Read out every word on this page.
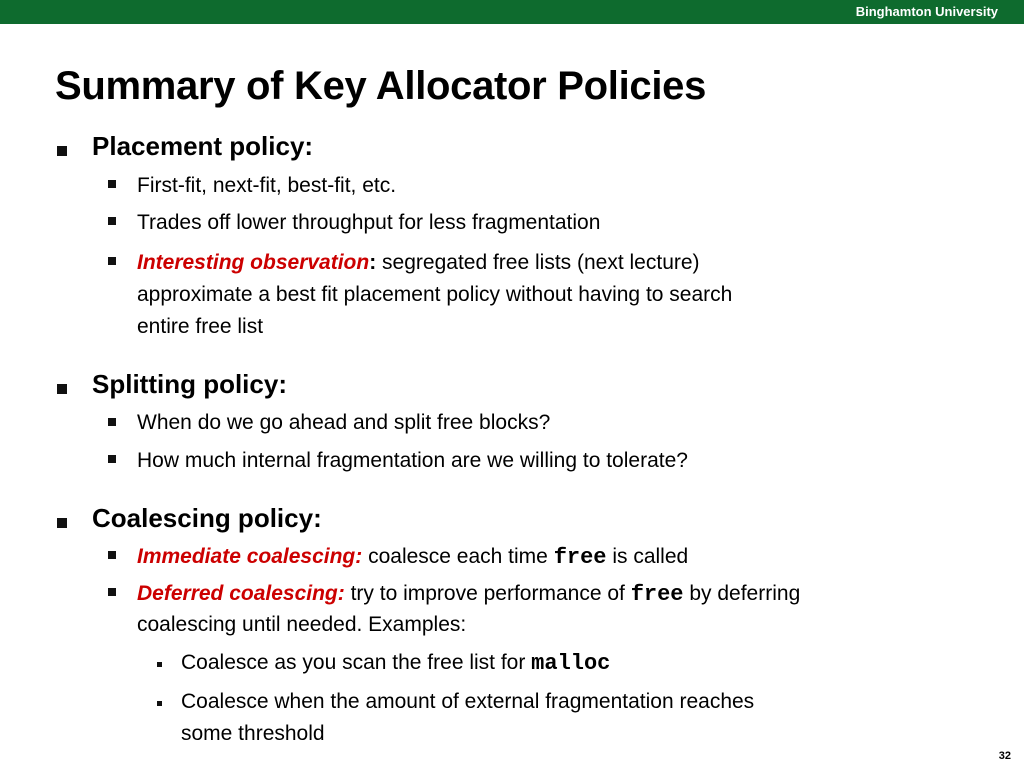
Binghamton University
Summary of Key Allocator Policies
Placement policy:
First-fit, next-fit, best-fit, etc.
Trades off lower throughput for less fragmentation
Interesting observation: segregated free lists (next lecture)
approximate a best fit placement policy without having to search
entire free list
Splitting policy:
When do we go ahead and split free blocks?
How much internal fragmentation are we willing to tolerate?
Coalescing policy:
Immediate coalescing: coalesce each time free is called
Deferred coalescing: try to improve performance of free by deferring
coalescing until needed. Examples:
Coalesce as you scan the free list for malloc
Coalesce when the amount of external fragmentation reaches
some threshold
32
